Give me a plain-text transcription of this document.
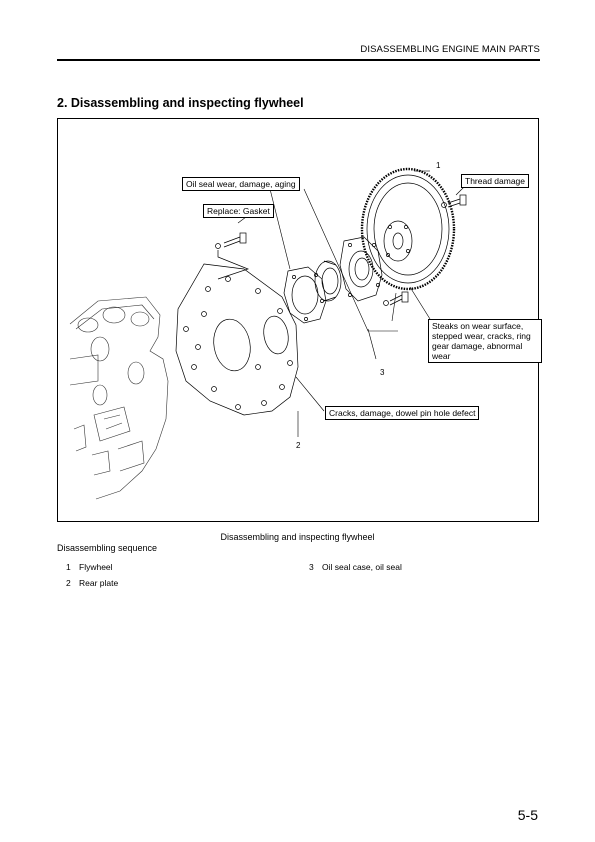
DISASSEMBLING ENGINE MAIN PARTS
2. Disassembling and inspecting flywheel
Oil seal wear, damage, aging
Replace: Gasket
Thread damage
Steaks on wear surface, stepped wear, cracks, ring gear damage, abnormal wear
Cracks, damage, dowel pin hole defect
1
2
3
Disassembling and inspecting flywheel
Disassembling sequence
1 Flywheel
2 Rear plate
3 Oil seal case, oil seal
5-5
